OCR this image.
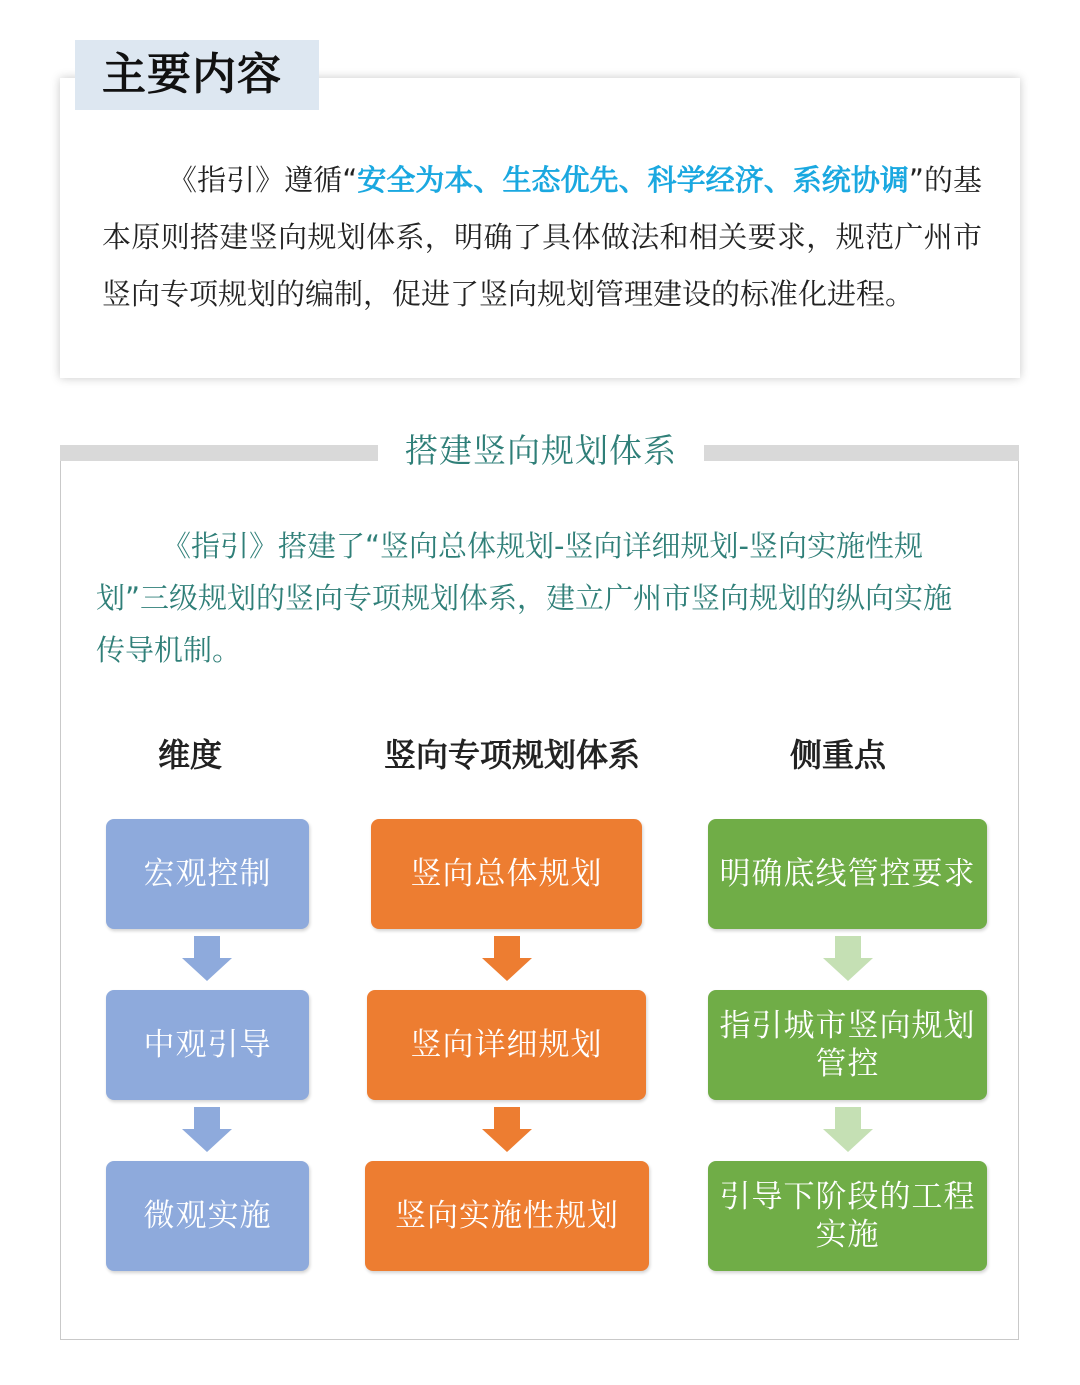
主要内容
《指引》遵循“安全为本、生态优先、科学经济、系统协调”的基本原则搭建竖向规划体系，明确了具体做法和相关要求，规范广州市竖向专项规划的编制，促进了竖向规划管理建设的标准化进程。
搭建竖向规划体系
《指引》搭建了“竖向总体规划-竖向详细规划-竖向实施性规划”三级规划的竖向专项规划体系，建立广州市竖向规划的纵向实施传导机制。
维度	竖向专项规划体系	侧重点
宏观控制
中观引导
微观实施
竖向总体规划
竖向详细规划
竖向实施性规划
明确底线管控要求
指引城市竖向规划管控
引导下阶段的工程实施
